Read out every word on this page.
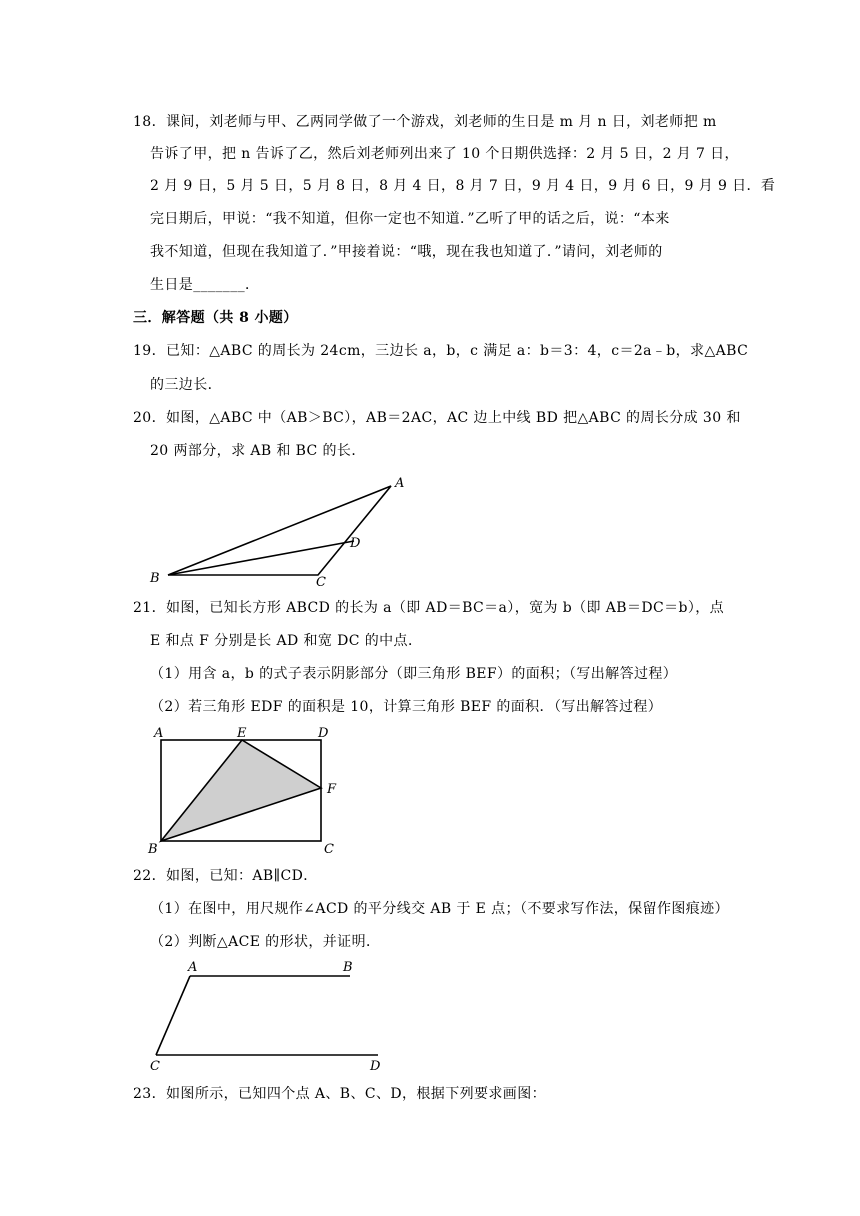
18．课间，刘老师与甲、乙两同学做了一个游戏，刘老师的生日是 m 月 n 日，刘老师把 m
告诉了甲，把 n 告诉了乙，然后刘老师列出来了 10 个日期供选择：2 月 5 日，2 月 7 日，
2 月 9 日，5 月 5 日，5 月 8 日，8 月 4 日，8 月 7 日，9 月 4 日，9 月 6 日，9 月 9 日．看
完日期后，甲说：“我不知道，但你一定也不知道．”乙听了甲的话之后，说：“本来
我不知道，但现在我知道了．”甲接着说：“哦，现在我也知道了．”请问，刘老师的
生日是_______．
三．解答题（共 8 小题）
19．已知：△ABC 的周长为 24cm，三边长 a，b，c 满足 a：b＝3：4，c＝2a﹣b，求△ABC
的三边长．
20．如图，△ABC 中（AB＞BC），AB＝2AC，AC 边上中线 BD 把△ABC 的周长分成 30 和
20 两部分，求 AB 和 BC 的长．
A
B	C
D
21．如图，已知长方形 ABCD 的长为 a（即 AD＝BC＝a），宽为 b（即 AB＝DC＝b），点
E 和点 F 分别是长 AD 和宽 DC 的中点．
（1）用含 a，b 的式子表示阴影部分（即三角形 BEF）的面积；（写出解答过程）
（2）若三角形 EDF 的面积是 10，计算三角形 BEF 的面积．（写出解答过程）
A	E	D
F
B	C
22．如图，已知：AB∥CD．
（1）在图中，用尺规作∠ACD 的平分线交 AB 于 E 点；（不要求写作法，保留作图痕迹）
（2）判断△ACE 的形状，并证明．
A	B
C	D
23．如图所示，已知四个点 A、B、C、D，根据下列要求画图：
